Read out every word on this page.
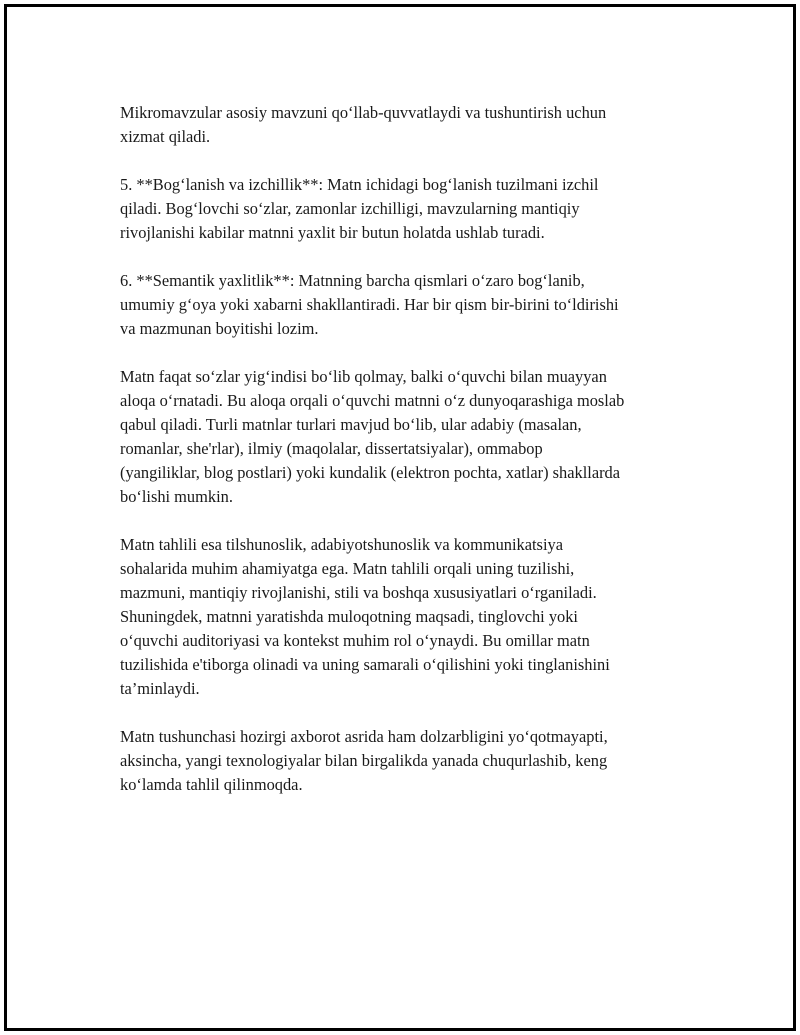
Mikromavzular asosiy mavzuni qo‘llab-quvvatlaydi va tushuntirish uchun
xizmat qiladi.

5. **Bog‘lanish va izchillik**: Matn ichidagi bog‘lanish tuzilmani izchil
qiladi. Bog‘lovchi so‘zlar, zamonlar izchilligi, mavzularning mantiqiy
rivojlanishi kabilar matnni yaxlit bir butun holatda ushlab turadi.

6. **Semantik yaxlitlik**: Matnning barcha qismlari o‘zaro bog‘lanib,
umumiy g‘oya yoki xabarni shakllantiradi. Har bir qism bir-birini to‘ldirishi
va mazmunan boyitishi lozim.

Matn faqat so‘zlar yig‘indisi bo‘lib qolmay, balki o‘quvchi bilan muayyan
aloqa o‘rnatadi. Bu aloqa orqali o‘quvchi matnni o‘z dunyoqarashiga moslab
qabul qiladi. Turli matnlar turlari mavjud bo‘lib, ular adabiy (masalan,
romanlar, she'rlar), ilmiy (maqolalar, dissertatsiyalar), ommabop
(yangiliklar, blog postlari) yoki kundalik (elektron pochta, xatlar) shakllarda
bo‘lishi mumkin.

Matn tahlili esa tilshunoslik, adabiyotshunoslik va kommunikatsiya
sohalarida muhim ahamiyatga ega. Matn tahlili orqali uning tuzilishi,
mazmuni, mantiqiy rivojlanishi, stili va boshqa xususiyatlari o‘rganiladi.
Shuningdek, matnni yaratishda muloqotning maqsadi, tinglovchi yoki
o‘quvchi auditoriyasi va kontekst muhim rol o‘ynaydi. Bu omillar matn
tuzilishida e'tiborga olinadi va uning samarali o‘qilishini yoki tinglanishini
ta’minlaydi.

Matn tushunchasi hozirgi axborot asrida ham dolzarbligini yo‘qotmayapti,
aksincha, yangi texnologiyalar bilan birgalikda yanada chuqurlashib, keng
ko‘lamda tahlil qilinmoqda.
